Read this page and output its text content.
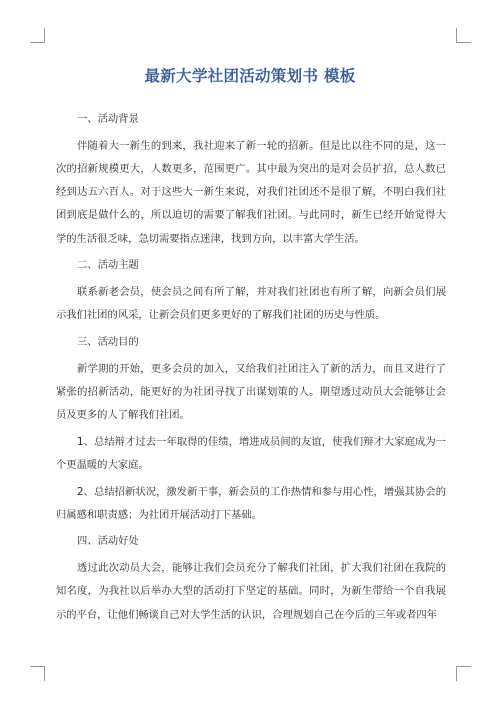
最新大学社团活动策划书 模板
一、活动背景

伴随着大一新生的到来，我社迎来了新一轮的招新。但是比以往不同的是，这一次的招新规模更大，人数更多，范围更广。其中最为突出的是对会员扩招，总人数已经到达五六百人。对于这些大一新生来说，对我们社团还不是很了解，不明白我们社团到底是做什么的，所以迫切的需要了解我们社团。与此同时，新生已经开始觉得大学的生活很乏味，急切需要指点迷津，找到方向，以丰富大学生活。

二、活动主题

联系新老会员，使会员之间有所了解，并对我们社团也有所了解，向新会员们展示我们社团的风采，让新会员们更多更好的了解我们社团的历史与性质。

三、活动目的

新学期的开始，更多会员的加入，又给我们社团注入了新的活力，而且又进行了紧张的招新活动，能更好的为社团寻找了出谋划策的人。期望透过动员大会能够让会员及更多的人了解我们社团。

1、总结辩才过去一年取得的佳绩，增进成员间的友谊，使我们辩才大家庭成为一个更温暖的大家庭。

2、总结招新状况，激发新干事，新会员的工作热情和参与用心性，增强其协会的归属感和职责感；为社团开展活动打下基础。

四、活动好处

透过此次动员大会，能够让我们会员充分了解我们社团，扩大我们社团在我院的知名度，为我社以后举办大型的活动打下坚定的基础。同时，为新生带给一个自我展示的平台，让他们畅谈自己对大学生活的认识，合理规划自己在今后的三年或者四年
